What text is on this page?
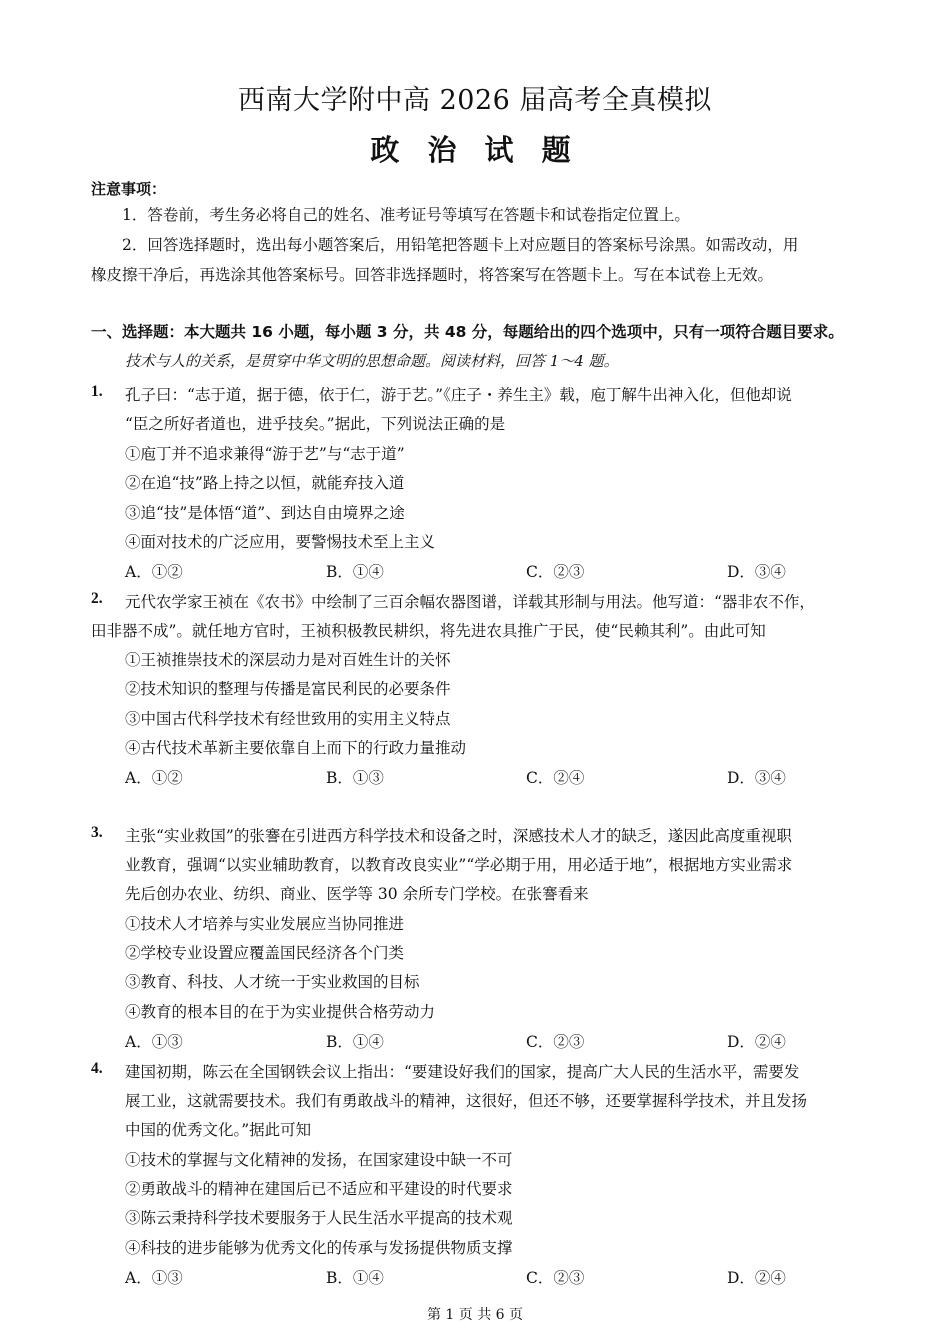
西南大学附中高 2026 届高考全真模拟
政 治 试 题
注意事项：
1．答卷前，考生务必将自己的姓名、准考证号等填写在答题卡和试卷指定位置上。
2．回答选择题时，选出每小题答案后，用铅笔把答题卡上对应题目的答案标号涂黑。如需改动，用
橡皮擦干净后，再选涂其他答案标号。回答非选择题时，将答案写在答题卡上。写在本试卷上无效。
一、选择题：本大题共 16 小题，每小题 3 分，共 48 分，每题给出的四个选项中，只有一项符合题目要求。
技术与人的关系，是贯穿中华文明的思想命题。阅读材料，回答 1～4 题。
1. 孔子曰：“志于道，据于德，依于仁，游于艺。”《庄子・养生主》载，庖丁解牛出神入化，但他却说
“臣之所好者道也，进乎技矣。”据此，下列说法正确的是
①庖丁并不追求兼得“游于艺”与“志于道”
②在追“技”路上持之以恒，就能弃技入道
③追“技”是体悟“道”、到达自由境界之途
④面对技术的广泛应用，要警惕技术至上主义
A．①②	B．①④	C．②③	D．③④
2. 元代农学家王祯在《农书》中绘制了三百余幅农器图谱，详载其形制与用法。他写道：“器非农不作，
田非器不成”。就任地方官时，王祯积极教民耕织，将先进农具推广于民，使“民赖其利”。由此可知
①王祯推崇技术的深层动力是对百姓生计的关怀
②技术知识的整理与传播是富民利民的必要条件
③中国古代科学技术有经世致用的实用主义特点
④古代技术革新主要依靠自上而下的行政力量推动
A．①②	B．①③	C．②④	D．③④
3. 主张“实业救国”的张謇在引进西方科学技术和设备之时，深感技术人才的缺乏，遂因此高度重视职
业教育，强调“以实业辅助教育，以教育改良实业”“学必期于用，用必适于地”，根据地方实业需求
先后创办农业、纺织、商业、医学等 30 余所专门学校。在张謇看来
①技术人才培养与实业发展应当协同推进
②学校专业设置应覆盖国民经济各个门类
③教育、科技、人才统一于实业救国的目标
④教育的根本目的在于为实业提供合格劳动力
A．①③	B．①④	C．②③	D．②④
4. 建国初期，陈云在全国钢铁会议上指出：“要建设好我们的国家，提高广大人民的生活水平，需要发
展工业，这就需要技术。我们有勇敢战斗的精神，这很好，但还不够，还要掌握科学技术，并且发扬
中国的优秀文化。”据此可知
①技术的掌握与文化精神的发扬，在国家建设中缺一不可
②勇敢战斗的精神在建国后已不适应和平建设的时代要求
③陈云秉持科学技术要服务于人民生活水平提高的技术观
④科技的进步能够为优秀文化的传承与发扬提供物质支撑
A．①③	B．①④	C．②③	D．②④
第 1 页 共 6 页
